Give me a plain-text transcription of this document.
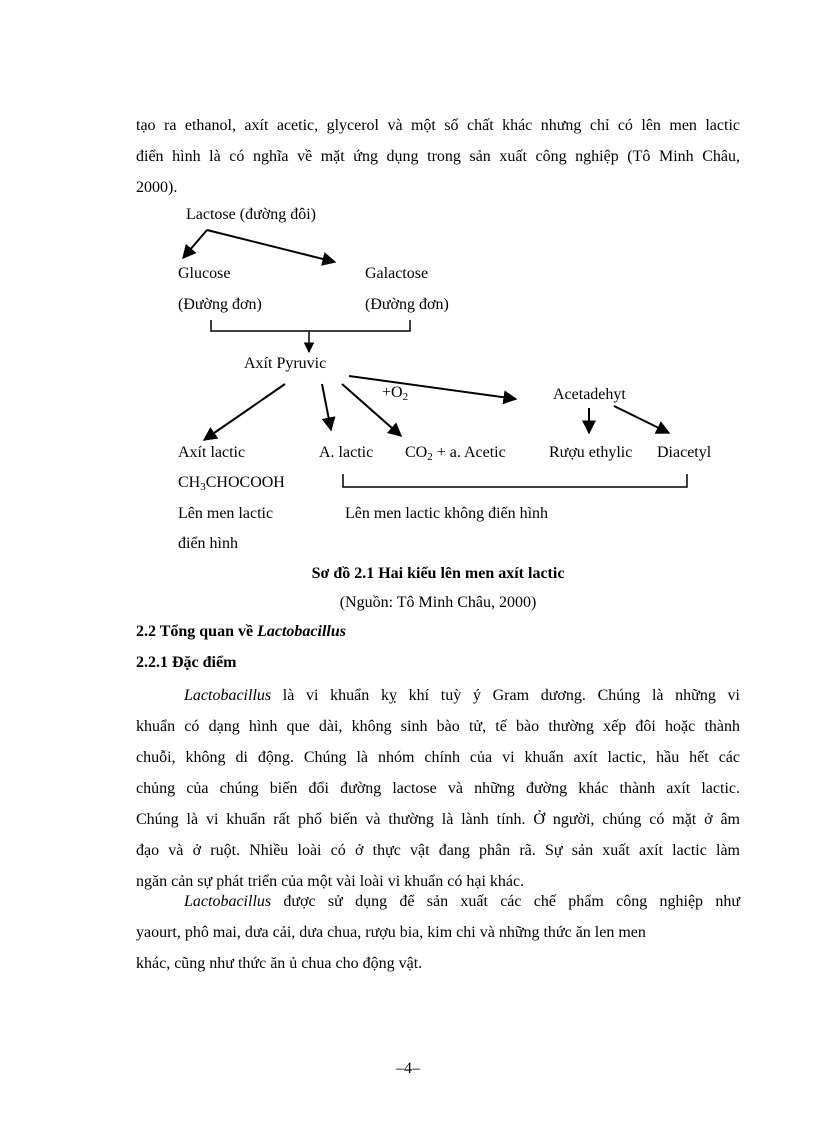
tạo ra ethanol, axít acetic, glycerol và một số chất khác nhưng chỉ có lên men lactic
điển hình là có nghĩa về mặt ứng dụng trong sản xuất công nghiệp (Tô Minh Châu,
2000).
Lactose (đường đôi)
Glucose
(Đường đơn)
Galactose
(Đường đơn)
Axít Pyruvic
$+O_2$	Acetadehyt
Axít lactic
$CH_3CHOCOOH$
A. lactic $CO_2 + a$. Acetic	Rượu ethylic Diacetyl
Lên men lactic
điển hình
Lên men lactic không điển hình
Sơ đồ 2.1 Hai kiểu lên men axít lactic
(Nguồn: Tô Minh Châu, 2000)
2.2 Tổng quan về Lactobacillus
2.2.1 Đặc điểm
Lactobacillus là vi khuẩn kỵ khí tuỳ ý Gram dương. Chúng là những vi
khuẩn có dạng hình que dài, không sinh bào tử, tế bào thường xếp đôi hoặc thành
chuỗi, không di động. Chúng là nhóm chính của vi khuẩn axít lactic, hầu hết các
chủng của chúng biến đổi đường lactose và những đường khác thành axít lactic.
Chúng là vi khuẩn rất phổ biến và thường là lành tính. Ở người, chúng có mặt ở âm
đạo và ở ruột. Nhiều loài có ở thực vật đang phân rã. Sự sản xuất axít lactic làm
ngăn cản sự phát triển của một vài loài vi khuẩn có hại khác.
Lactobacillus được sử dụng để sản xuất các chế phẩm công nghiệp như
yaourt, phô mai, dưa cải, dưa chua, rượu bia, kim chi và những thức ăn len men
khác, cũng như thức ăn ủ chua cho động vật.
–4–
